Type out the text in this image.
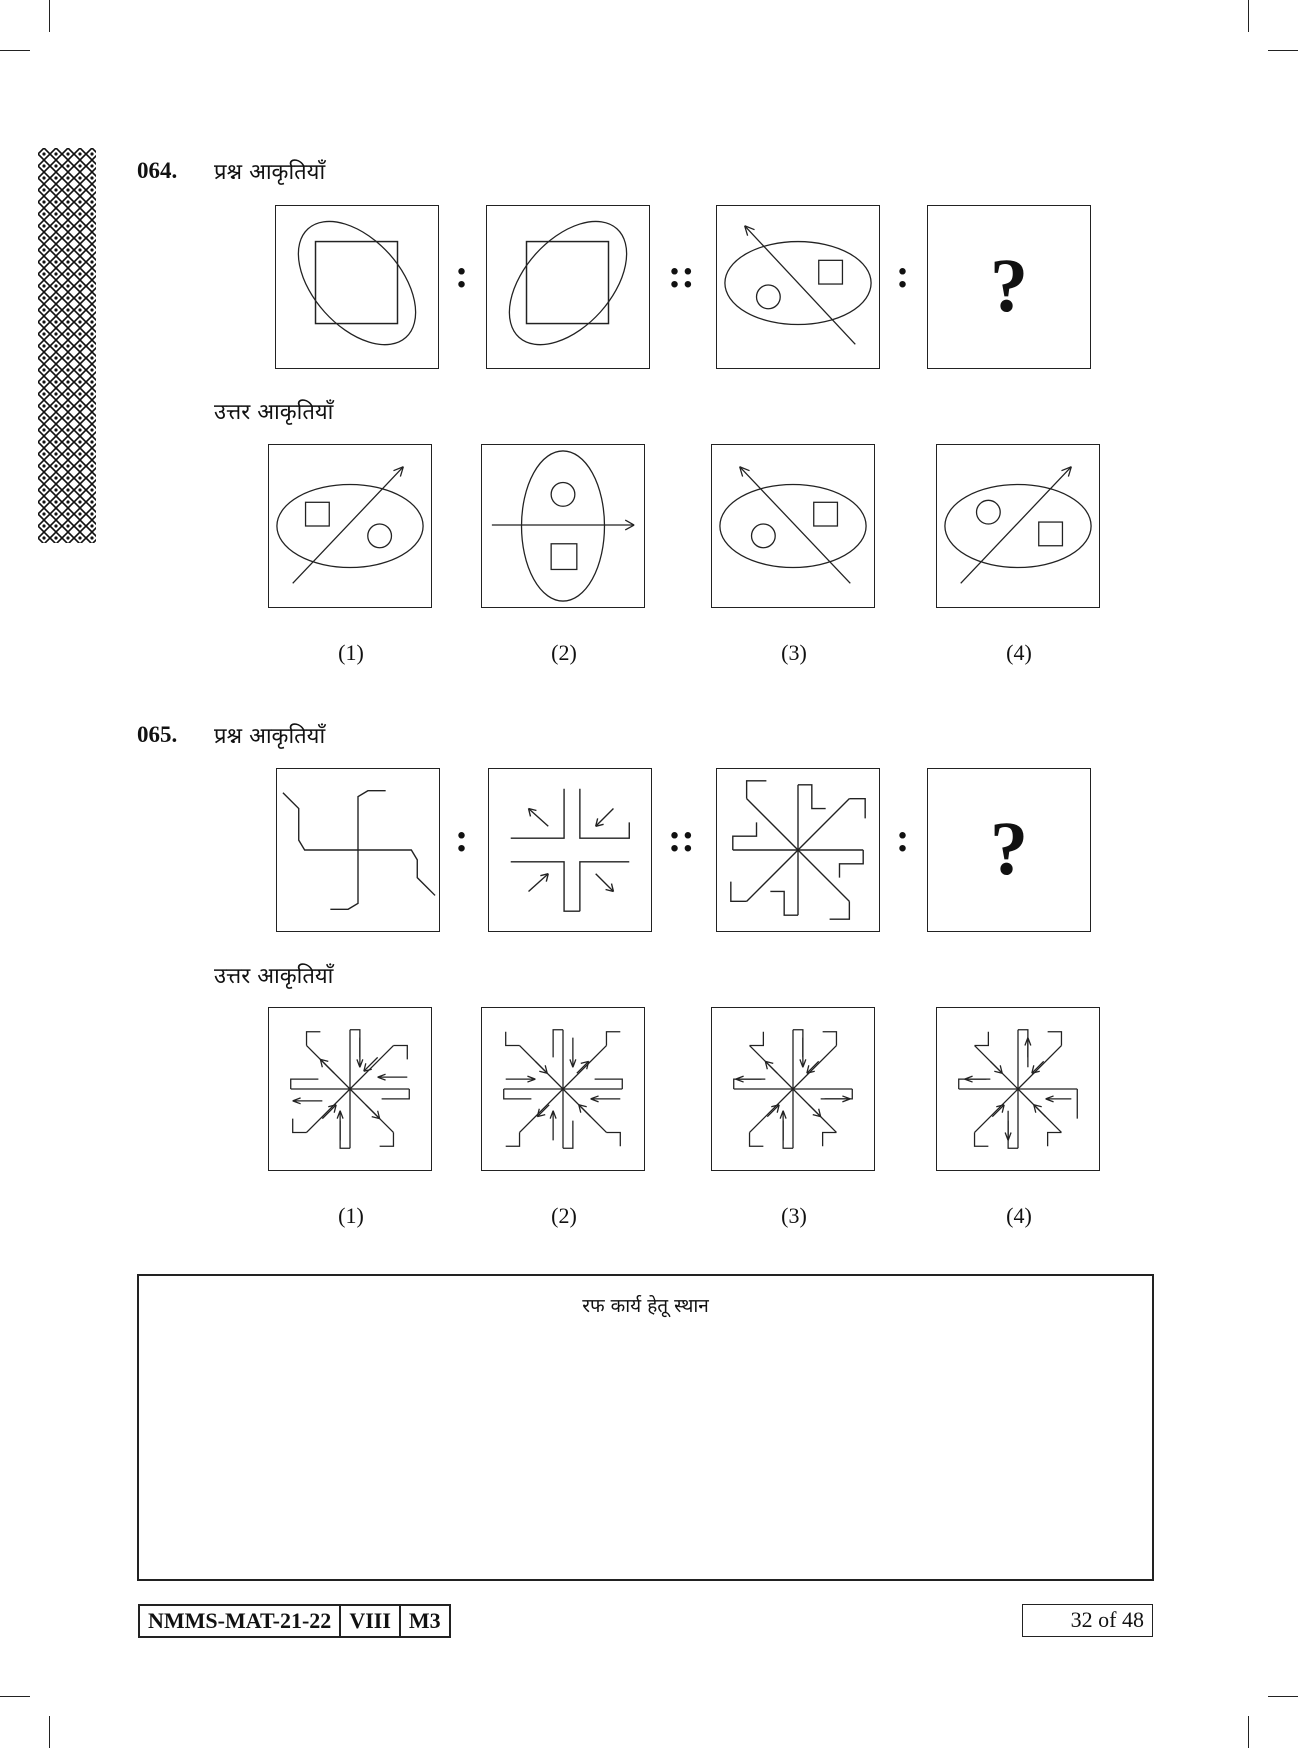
064. प्रश्न आकृतियाँ
:	::	:	?
उत्तर आकृतियाँ
(1)	(2)	(3)	(4)
065. प्रश्न आकृतियाँ
:	::	:	?
उत्तर आकृतियाँ
(1)	(2)	(3)	(4)
रफ कार्य हेतू स्थान
NMMS-MAT-21-22	VIII	M3	32 of 48
